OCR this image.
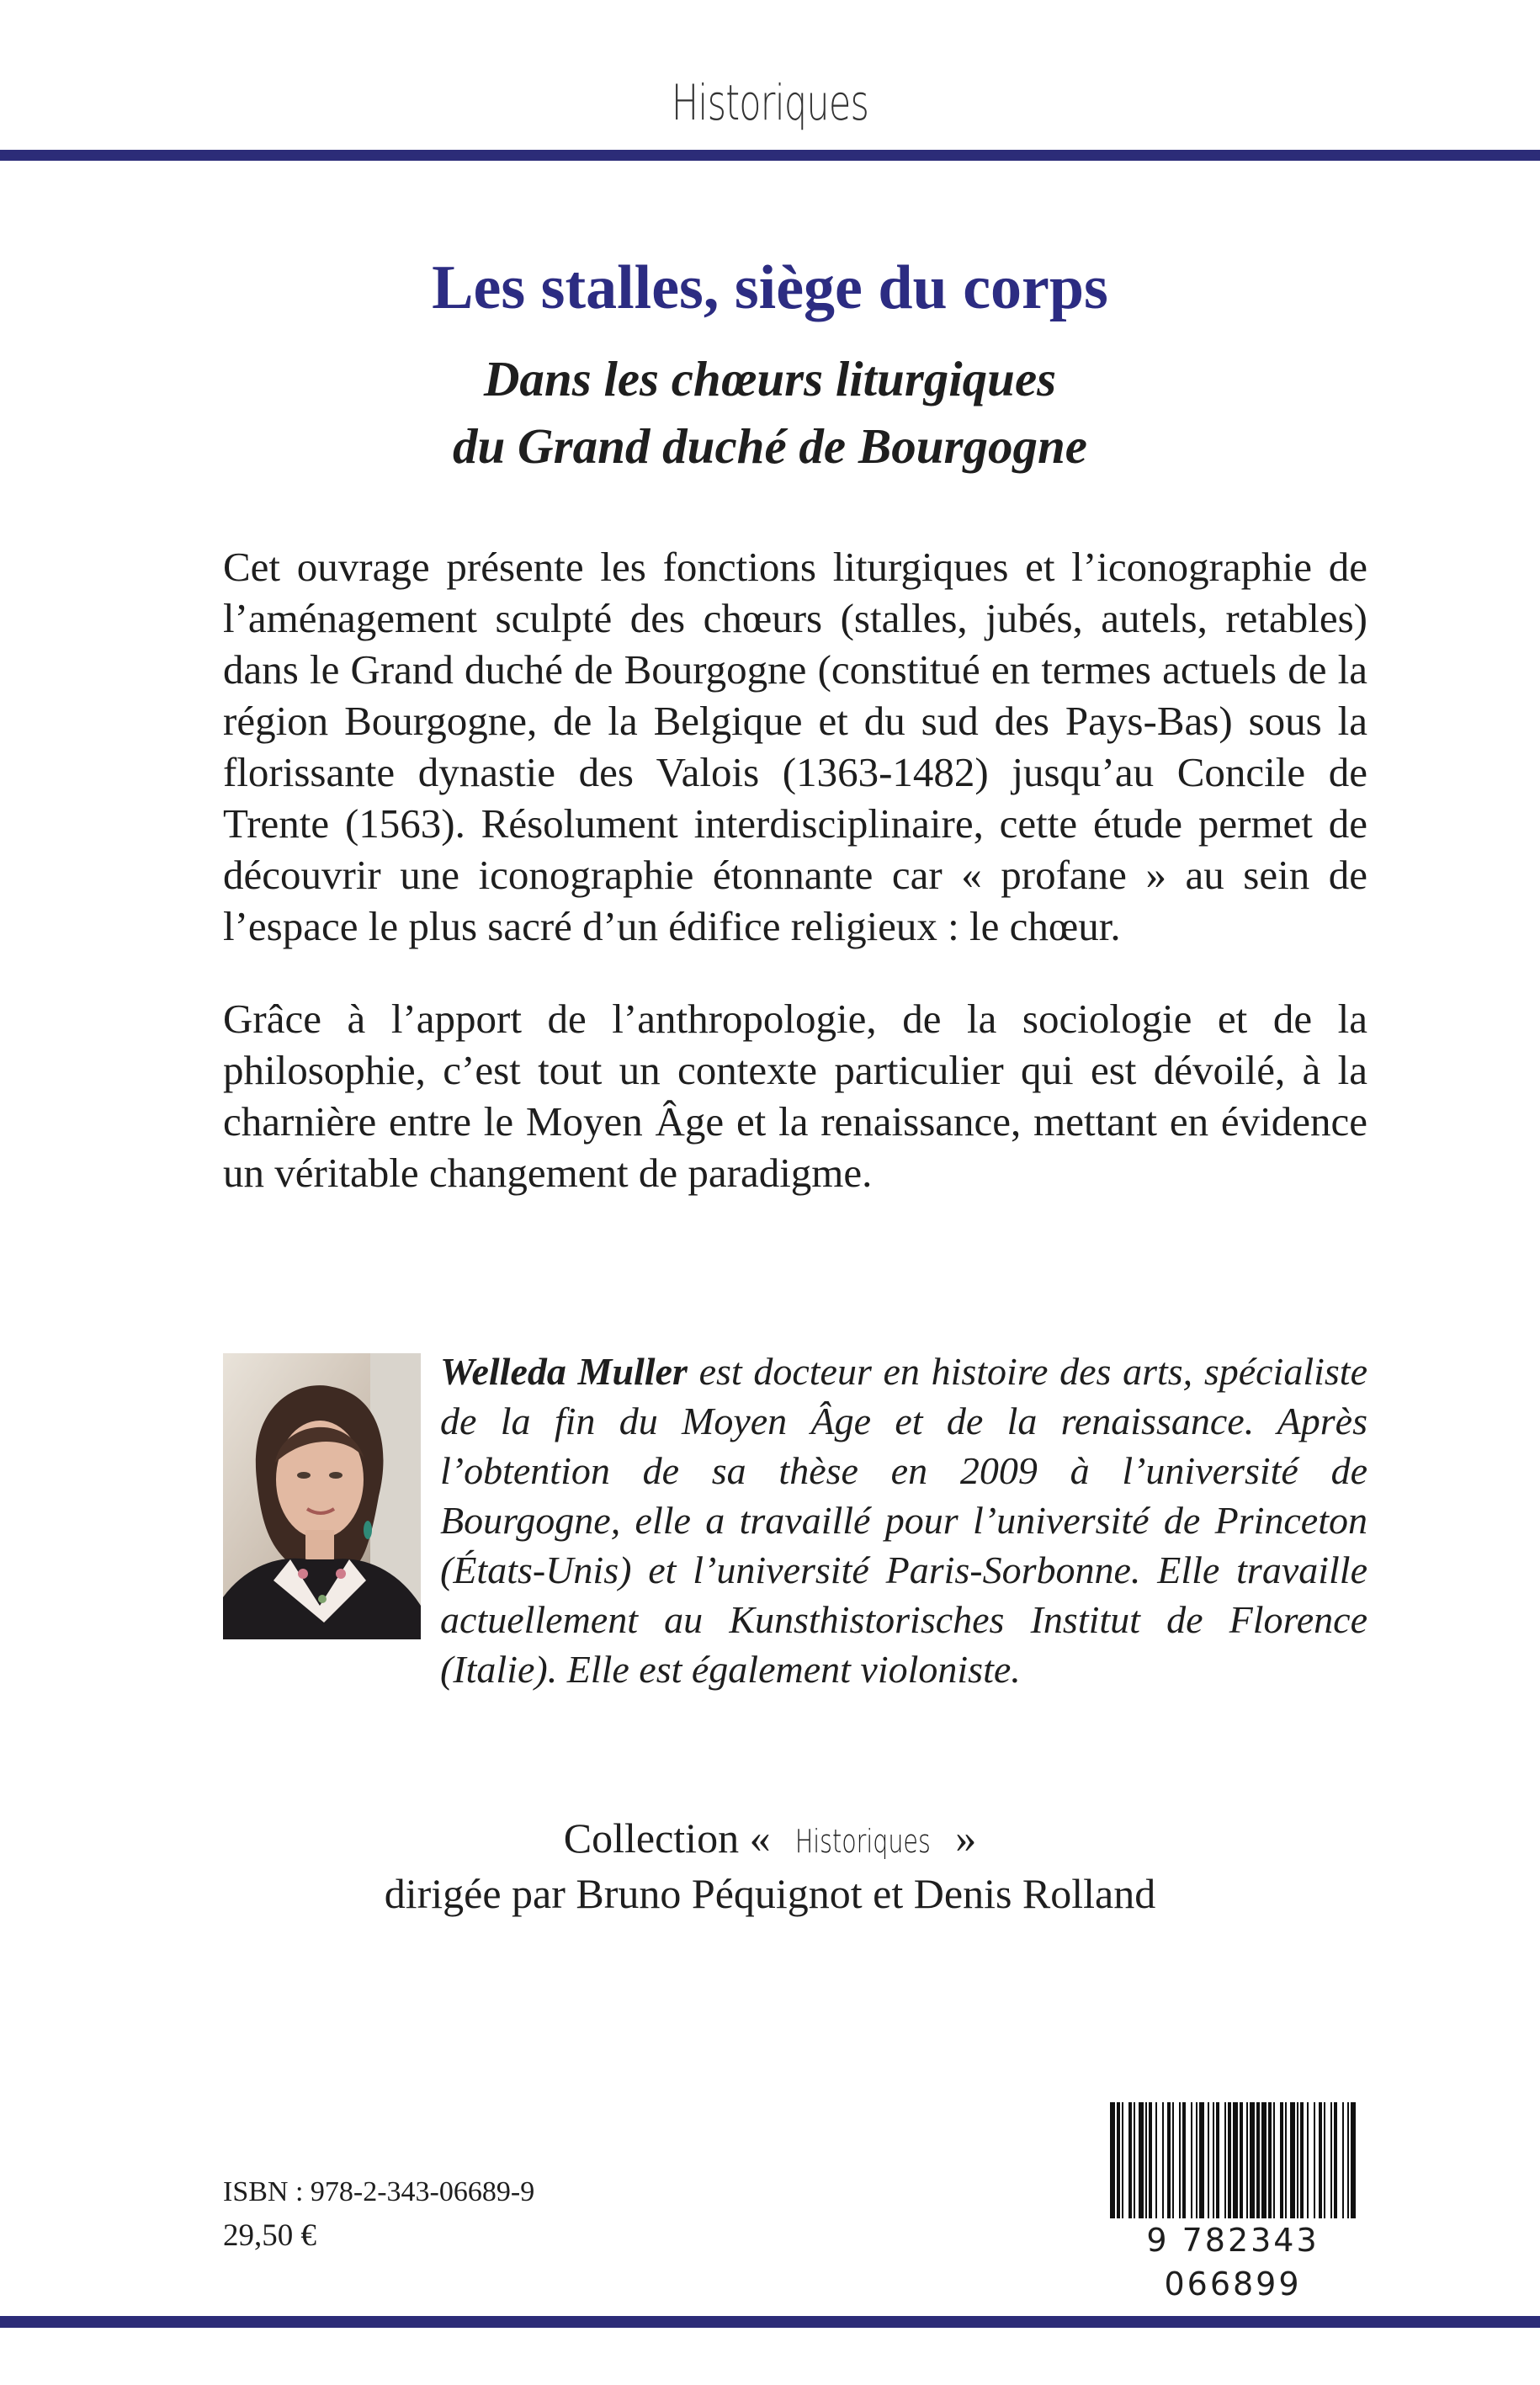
Historiques
Les stalles, siège du corps
Dans les chœurs liturgiques
du Grand duché de Bourgogne

Cet ouvrage présente les fonctions liturgiques et l’iconographie de l’aménagement sculpté des chœurs (stalles, jubés, autels, retables) dans le Grand duché de Bourgogne (constitué en termes actuels de la région Bourgogne, de la Belgique et du sud des Pays-Bas) sous la florissante dynastie des Valois (1363-1482) jusqu’au Concile de Trente (1563). Résolument interdisciplinaire, cette étude permet de découvrir une iconographie étonnante car « profane » au sein de l’espace le plus sacré d’un édifice religieux : le chœur.

Grâce à l’apport de l’anthropologie, de la sociologie et de la philosophie, c’est tout un contexte particulier qui est dévoilé, à la charnière entre le Moyen Âge et la renaissance, mettant en évidence un véritable changement de paradigme.

Welleda Muller est docteur en histoire des arts, spécialiste de la fin du Moyen Âge et de la renaissance. Après l’obtention de sa thèse en 2009 à l’université de Bourgogne, elle a travaillé pour l’université de Princeton (États-Unis) et l’université Paris-Sorbonne. Elle travaille actuellement au Kunsthistorisches Institut de Florence (Italie). Elle est également violoniste.

Collection « Historiques »
dirigée par Bruno Péquignot et Denis Rolland
ISBN : 978-2-343-06689-9
29,50 €	9 782343 066899
